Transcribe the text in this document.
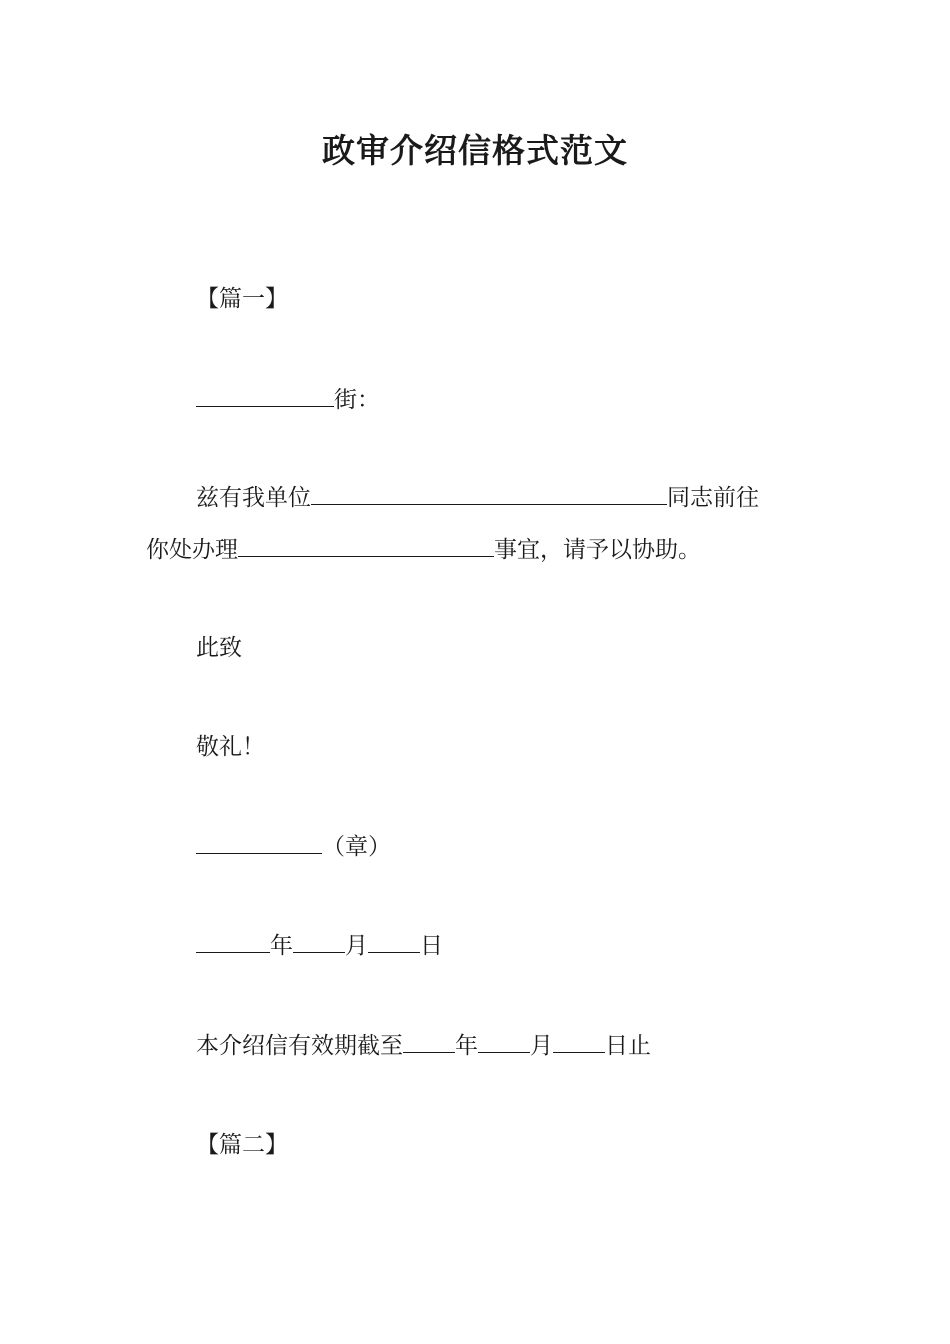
政审介绍信格式范文
【篇一】
街：
兹有我单位	同志前往
你处办理	事宜，请予以协助。
此致
敬礼！
（章）
年 月 日
本介绍信有效期截至 年 月 日止
【篇二】
